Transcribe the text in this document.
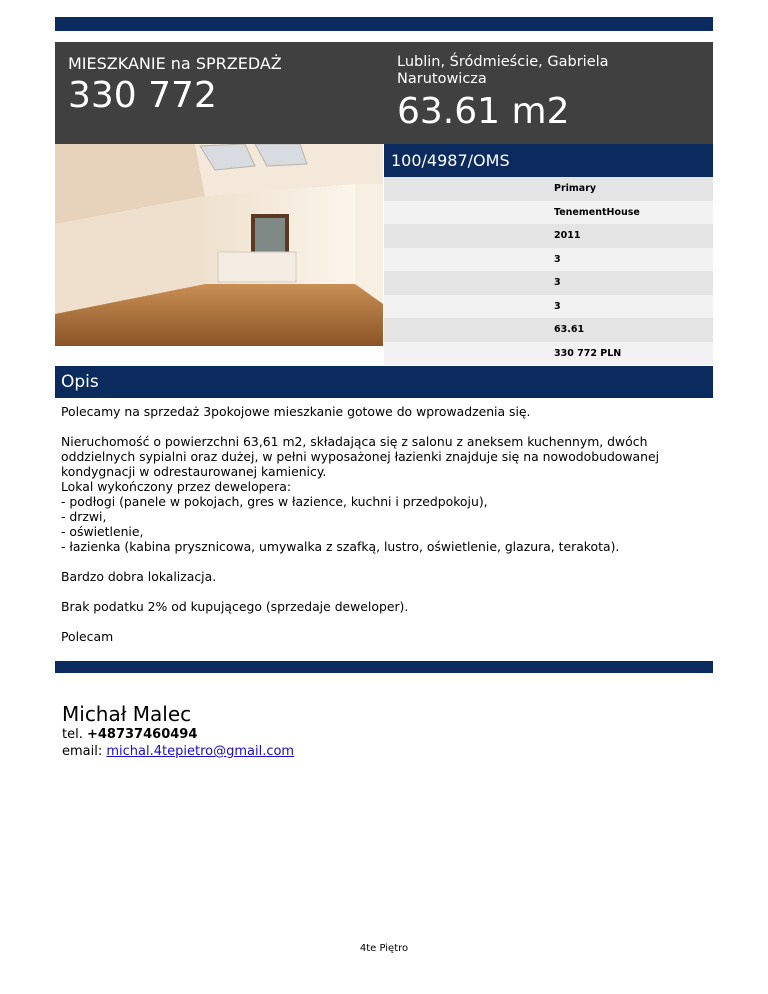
MIESZKANIE na SPRZEDAŻ
330 772
Lublin, Śródmieście, Gabriela Narutowicza
63.61 m2
100/4987/OMS
Primary
TenementHouse
2011
3
3
3
63.61
330 772 PLN
Opis

Polecamy na sprzedaż 3pokojowe mieszkanie gotowe do wprowadzenia się.

Nieruchomość o powierzchni 63,61 m2, składająca się z salonu z aneksem kuchennym, dwóch oddzielnych sypialni oraz dużej, w pełni wyposażonej łazienki znajduje się na nowodobudowanej kondygnacji w odrestaurowanej kamienicy.
Lokal wykończony przez dewelopera:
- podłogi (panele w pokojach, gres w łazience, kuchni i przedpokoju),
- drzwi,
- oświetlenie,
- łazienka (kabina prysznicowa, umywalka z szafką, lustro, oświetlenie, glazura, terakota).

Bardzo dobra lokalizacja.

Brak podatku 2% od kupującego (sprzedaje deweloper).

Polecam

Michał Malec
tel. +48737460494
email: michal.4tepietro@gmail.com
4te Piętro
